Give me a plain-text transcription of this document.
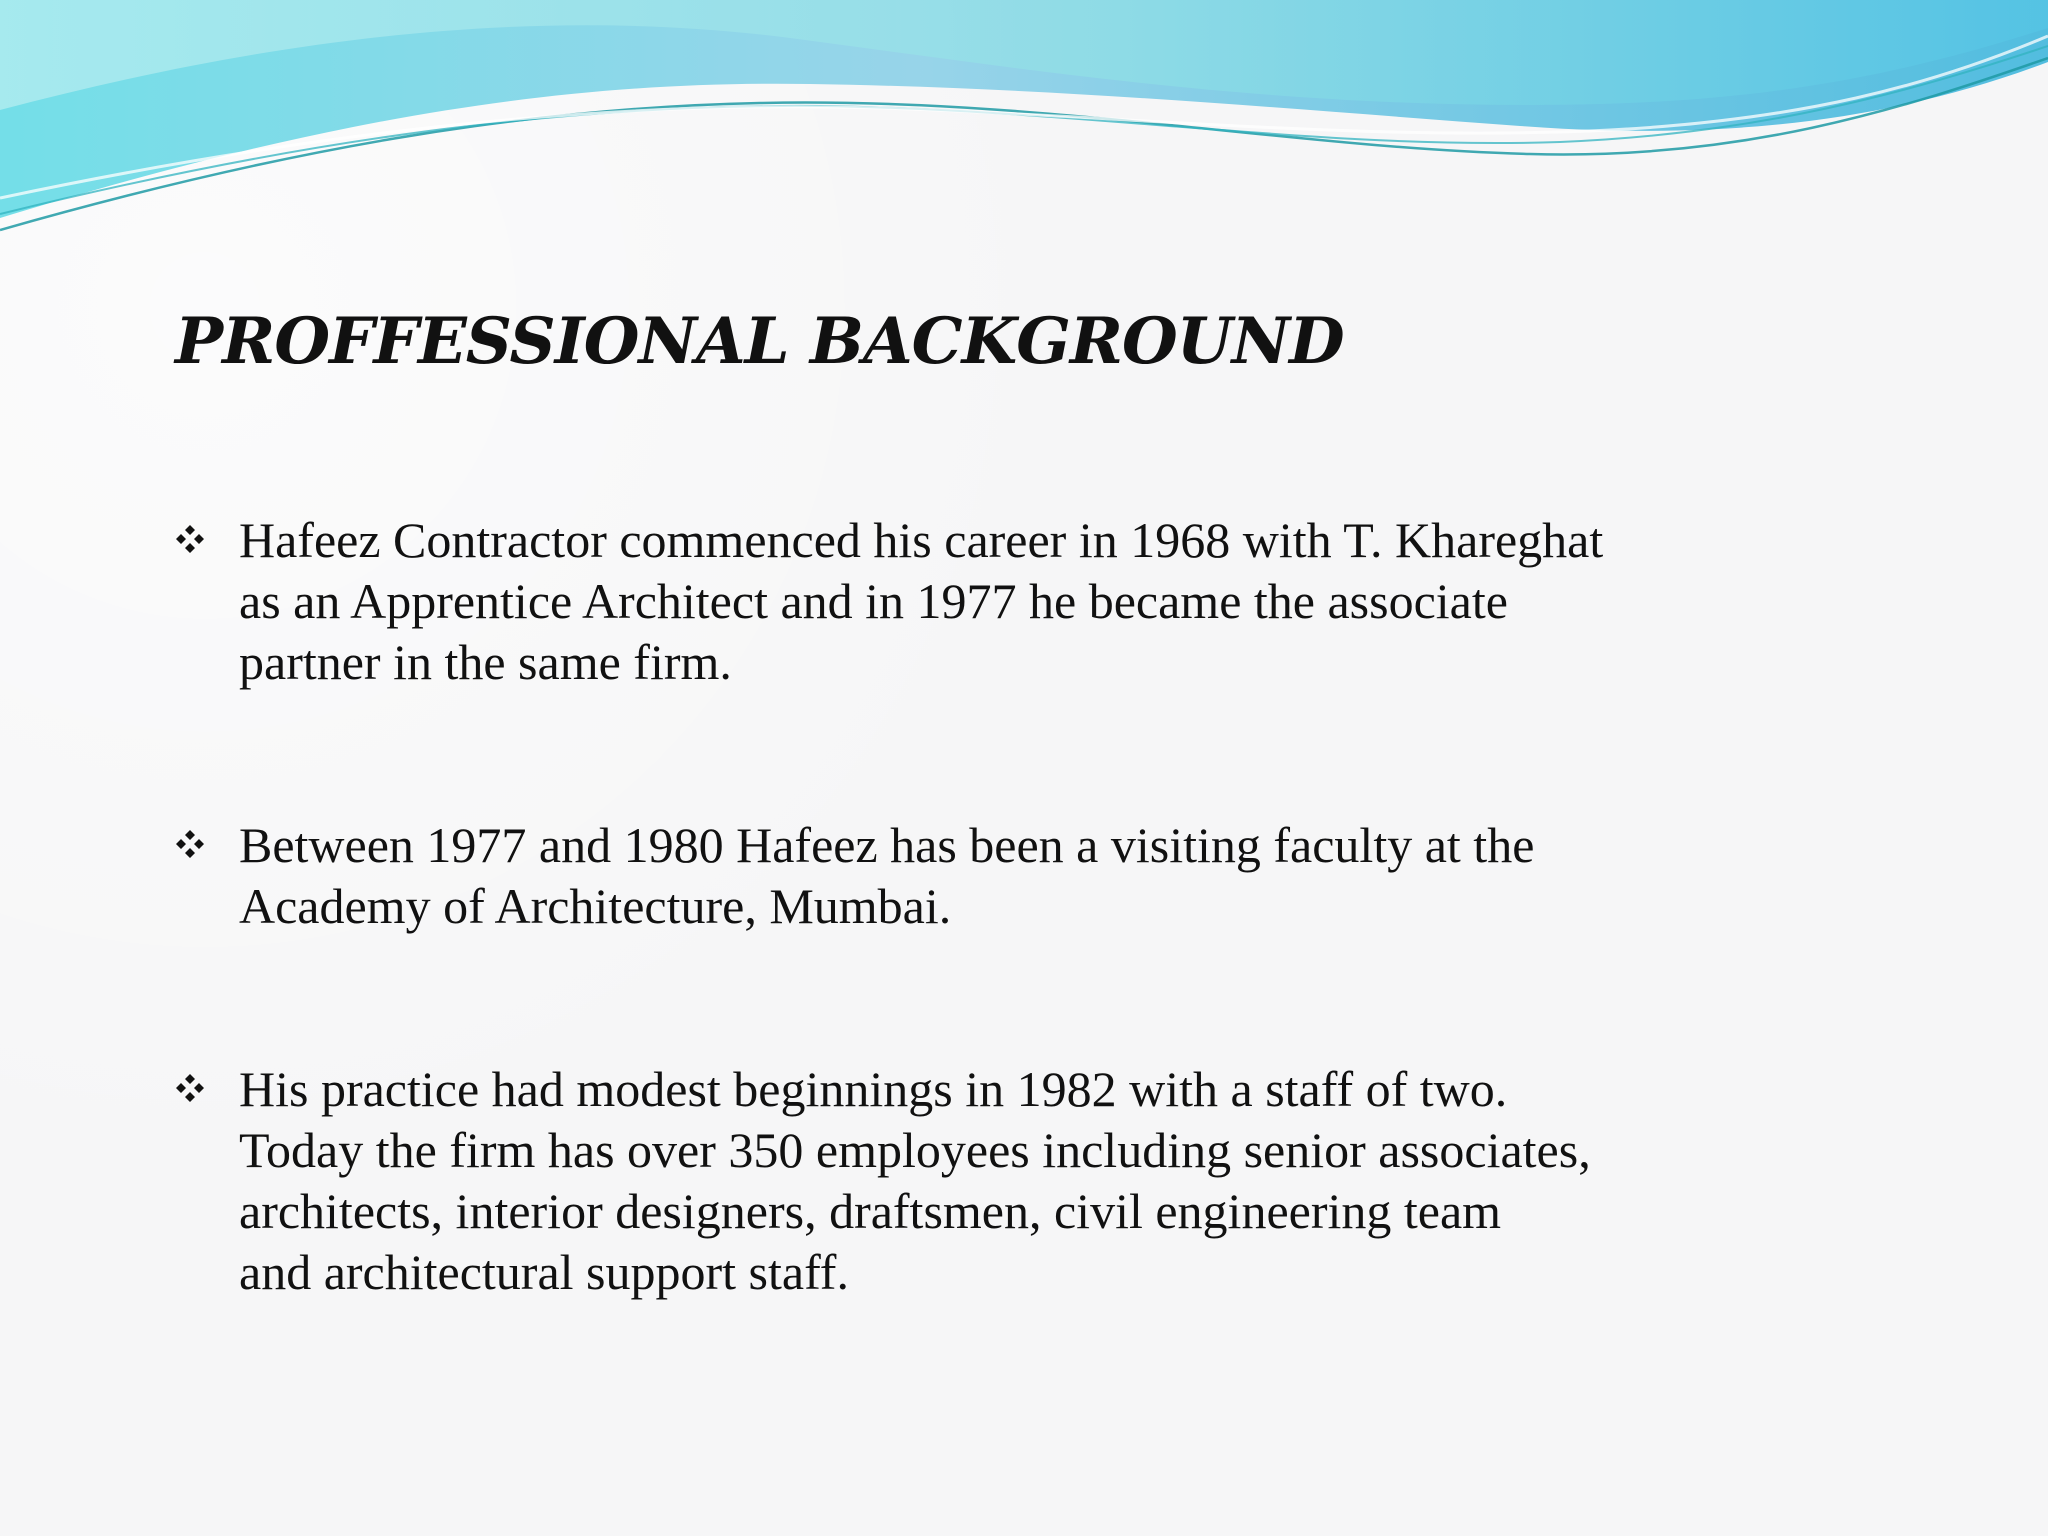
PROFFESSIONAL BACKGROUND
Hafeez Contractor commenced his career in 1968 with T. Khareghat
as an Apprentice Architect and in 1977 he became the associate
partner in the same firm.
Between 1977 and 1980 Hafeez has been a visiting faculty at the
Academy of Architecture, Mumbai.
His practice had modest beginnings in 1982 with a staff of two.
Today the firm has over 350 employees including senior associates,
architects, interior designers, draftsmen, civil engineering team
and architectural support staff.
